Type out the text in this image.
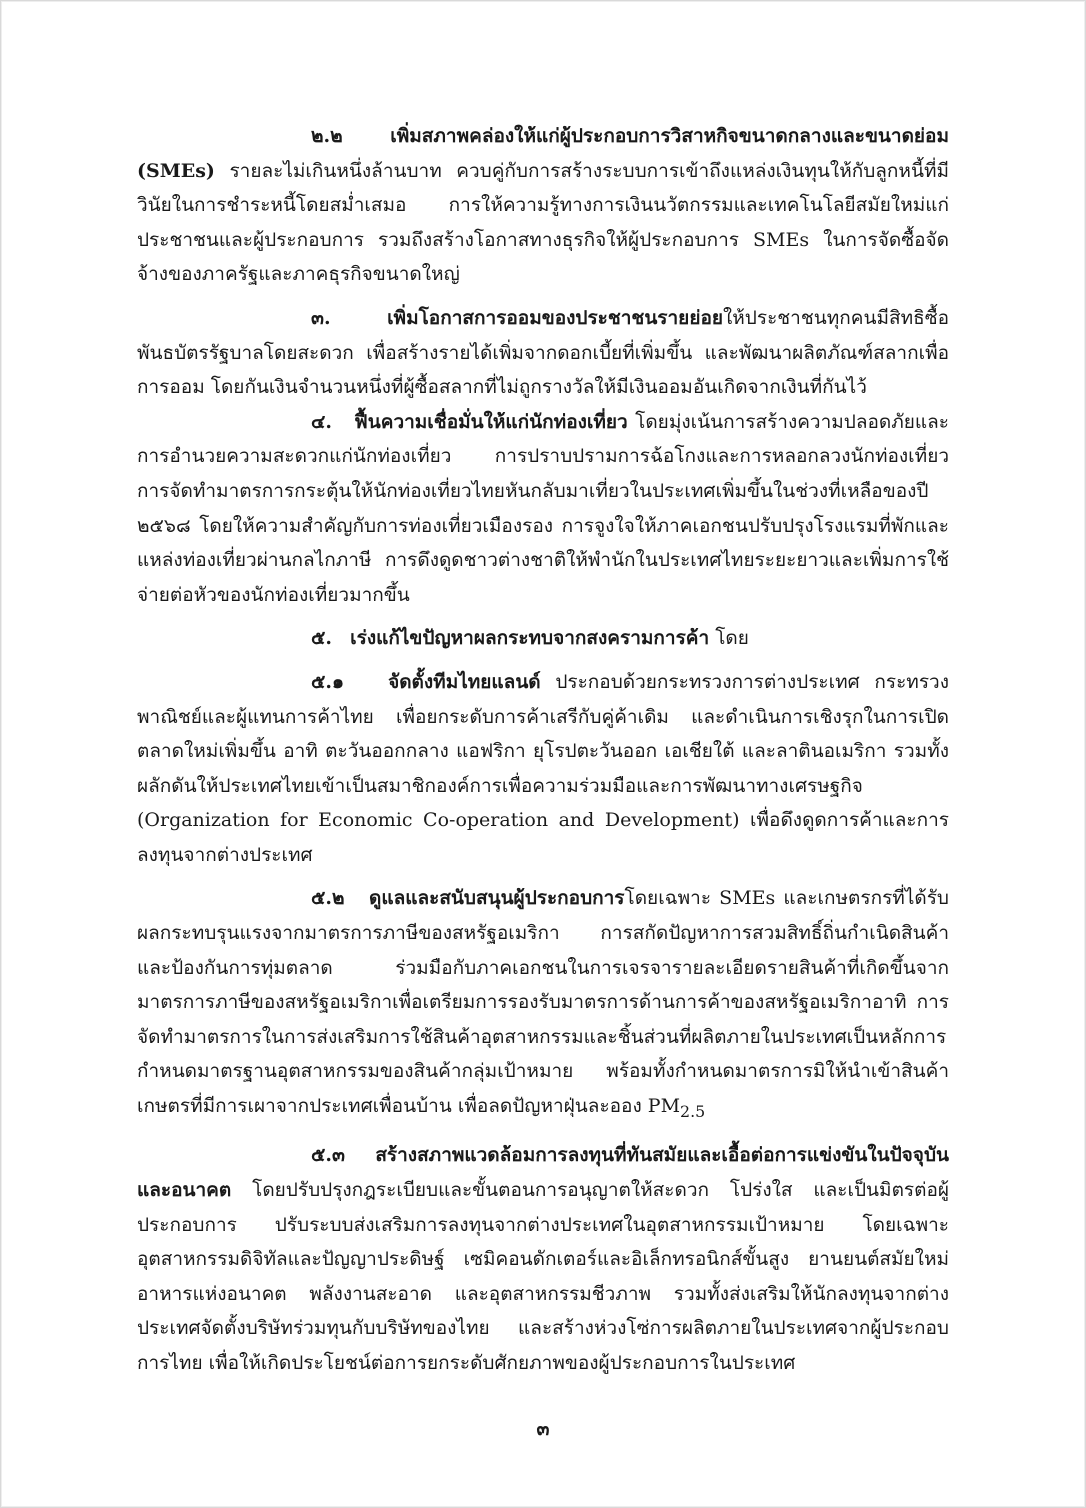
๒.๒	เพิ่มสภาพคล่องให้แก่ผู้ประกอบการวิสาหกิจขนาดกลางและขนาดย่อม (SMEs) รายละไม่เกินหนึ่งล้านบาท ควบคู่กับการสร้างระบบการเข้าถึงแหล่งเงินทุนให้กับลูกหนี้ที่มีวินัยในการชำระหนี้โดยสม่ำเสมอ การให้ความรู้ทางการเงินนวัตกรรมและเทคโนโลยีสมัยใหม่แก่ประชาชนและผู้ประกอบการ รวมถึงสร้างโอกาสทางธุรกิจให้ผู้ประกอบการ SMEs ในการจัดซื้อจัดจ้างของภาครัฐและภาคธุรกิจขนาดใหญ่

๓.	เพิ่มโอกาสการออมของประชาชนรายย่อยให้ประชาชนทุกคนมีสิทธิซื้อพันธบัตรรัฐบาลโดยสะดวก เพื่อสร้างรายได้เพิ่มจากดอกเบี้ยที่เพิ่มขึ้น และพัฒนาผลิตภัณฑ์สลากเพื่อการออม โดยกันเงินจำนวนหนึ่งที่ผู้ซื้อสลากที่ไม่ถูกรางวัลให้มีเงินออมอันเกิดจากเงินที่กันไว้

๔. ฟื้นความเชื่อมั่นให้แก่นักท่องเที่ยว โดยมุ่งเน้นการสร้างความปลอดภัยและการอำนวยความสะดวกแก่นักท่องเที่ยว การปราบปรามการฉ้อโกงและการหลอกลวงนักท่องเที่ยว การจัดทำมาตรการกระตุ้นให้นักท่องเที่ยวไทยหันกลับมาเที่ยวในประเทศเพิ่มขึ้นในช่วงที่เหลือของปี ๒๕๖๘ โดยให้ความสำคัญกับการท่องเที่ยวเมืองรอง การจูงใจให้ภาคเอกชนปรับปรุงโรงแรมที่พักและแหล่งท่องเที่ยวผ่านกลไกภาษี การดึงดูดชาวต่างชาติให้พำนักในประเทศไทยระยะยาวและเพิ่มการใช้จ่ายต่อหัวของนักท่องเที่ยวมากขึ้น

๕. เร่งแก้ไขปัญหาผลกระทบจากสงครามการค้า โดย

๕.๑ จัดตั้งทีมไทยแลนด์ ประกอบด้วยกระทรวงการต่างประเทศ กระทรวงพาณิชย์และผู้แทนการค้าไทย เพื่อยกระดับการค้าเสรีกับคู่ค้าเดิม และดำเนินการเชิงรุกในการเปิดตลาดใหม่เพิ่มขึ้น อาทิ ตะวันออกกลาง แอฟริกา ยุโรปตะวันออก เอเชียใต้ และลาตินอเมริกา รวมทั้งผลักดันให้ประเทศไทยเข้าเป็นสมาชิกองค์การเพื่อความร่วมมือและการพัฒนาทางเศรษฐกิจ (Organization for Economic Co-operation and Development) เพื่อดึงดูดการค้าและการลงทุนจากต่างประเทศ

๕.๒ ดูแลและสนับสนุนผู้ประกอบการโดยเฉพาะ SMEs และเกษตรกรที่ได้รับผลกระทบรุนแรงจากมาตรการภาษีของสหรัฐอเมริกา การสกัดปัญหาการสวมสิทธิ์ถิ่นกำเนิดสินค้า และป้องกันการทุ่มตลาด ร่วมมือกับภาคเอกชนในการเจรจารายละเอียดรายสินค้าที่เกิดขึ้นจากมาตรการภาษีของสหรัฐอเมริกาเพื่อเตรียมการรองรับมาตรการด้านการค้าของสหรัฐอเมริกาอาทิ การจัดทำมาตรการในการส่งเสริมการใช้สินค้าอุตสาหกรรมและชิ้นส่วนที่ผลิตภายในประเทศเป็นหลักการกำหนดมาตรฐานอุตสาหกรรมของสินค้ากลุ่มเป้าหมาย พร้อมทั้งกำหนดมาตรการมิให้นำเข้าสินค้าเกษตรที่มีการเผาจากประเทศเพื่อนบ้าน เพื่อลดปัญหาฝุ่นละออง $PM_{2.5}$

๕.๓ สร้างสภาพแวดล้อมการลงทุนที่ทันสมัยและเอื้อต่อการแข่งขันในปัจจุบันและอนาคต โดยปรับปรุงกฎระเบียบและขั้นตอนการอนุญาตให้สะดวก โปร่งใส และเป็นมิตรต่อผู้ประกอบการ ปรับระบบส่งเสริมการลงทุนจากต่างประเทศในอุตสาหกรรมเป้าหมาย โดยเฉพาะอุตสาหกรรมดิจิทัลและปัญญาประดิษฐ์ เซมิคอนดักเตอร์และอิเล็กทรอนิกส์ขั้นสูง ยานยนต์สมัยใหม่อาหารแห่งอนาคต พลังงานสะอาด และอุตสาหกรรมชีวภาพ รวมทั้งส่งเสริมให้นักลงทุนจากต่างประเทศจัดตั้งบริษัทร่วมทุนกับบริษัทของไทย และสร้างห่วงโซ่การผลิตภายในประเทศจากผู้ประกอบการไทย เพื่อให้เกิดประโยชน์ต่อการยกระดับศักยภาพของผู้ประกอบการในประเทศ

๓
